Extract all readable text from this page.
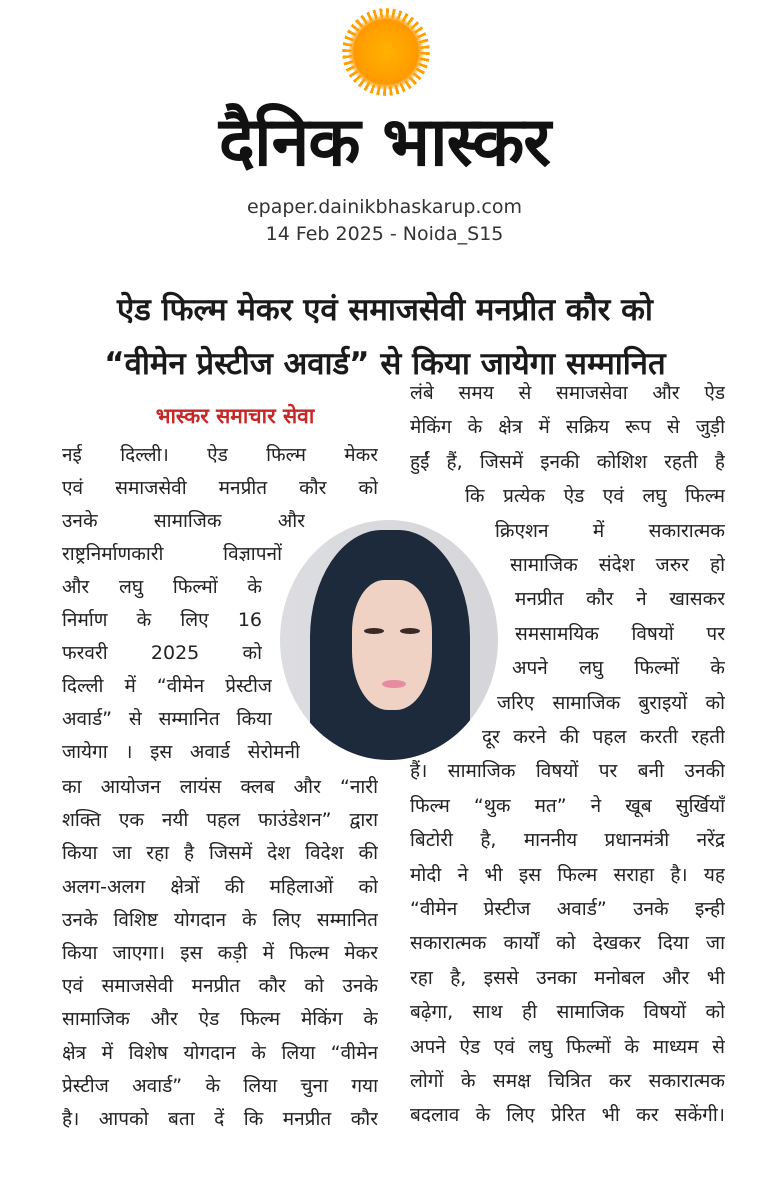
दैनिक भास्कर
epaper.dainikbhaskarup.com
14 Feb 2025 - Noida_S15
ऐड फिल्म मेकर एवं समाजसेवी मनप्रीत कौर को
“वीमेन प्रेस्टीज अवार्ड” से किया जायेगा सम्मानित
भास्कर समाचार सेवा
नई दिल्ली। ऐड फिल्म मेकर
एवं समाजसेवी मनप्रीत कौर को
उनके सामाजिक और
राष्ट्रनिर्माणकारी विज्ञापनों
और लघु फिल्मों के
निर्माण के लिए 16
फरवरी 2025 को
दिल्ली में “वीमेन प्रेस्टीज
अवार्ड” से सम्मानित किया
जायेगा । इस अवार्ड सेरोमनी
का आयोजन लायंस क्लब और “नारी
शक्ति एक नयी पहल फाउंडेशन” द्वारा
किया जा रहा है जिसमें देश विदेश की
अलग-अलग क्षेत्रों की महिलाओं को
उनके विशिष्ट योगदान के लिए सम्मानित
किया जाएगा। इस कड़ी में फिल्म मेकर
एवं समाजसेवी मनप्रीत कौर को उनके
सामाजिक और ऐड फिल्म मेकिंग के
क्षेत्र में विशेष योगदान के लिया “वीमेन
प्रेस्टीज अवार्ड” के लिया चुना गया
है। आपको बता दें कि मनप्रीत कौर
लंबे समय से समाजसेवा और ऐड
मेकिंग के क्षेत्र में सक्रिय रूप से जुड़ी
हुईं हैं, जिसमें इनकी कोशिश रहती है
कि प्रत्येक ऐड एवं लघु फिल्म
क्रिएशन में सकारात्मक
सामाजिक संदेश जरुर हो
मनप्रीत कौर ने खासकर
समसामयिक विषयों पर
अपने लघु फिल्मों के
जरिए सामाजिक बुराइयों को
दूर करने की पहल करती रहती
हैं। सामाजिक विषयों पर बनी उनकी
फिल्म “थुक मत” ने खूब सुर्खियाँ
बिटोरी है, माननीय प्रधानमंत्री नरेंद्र
मोदी ने भी इस फिल्म सराहा है। यह
“वीमेन प्रेस्टीज अवार्ड” उनके इन्ही
सकारात्मक कार्यों को देखकर दिया जा
रहा है, इससे उनका मनोबल और भी
बढ़ेगा, साथ ही सामाजिक विषयों को
अपने ऐड एवं लघु फिल्मों के माध्यम से
लोगों के समक्ष चित्रित कर सकारात्मक
बदलाव के लिए प्रेरित भी कर सकेंगी।
